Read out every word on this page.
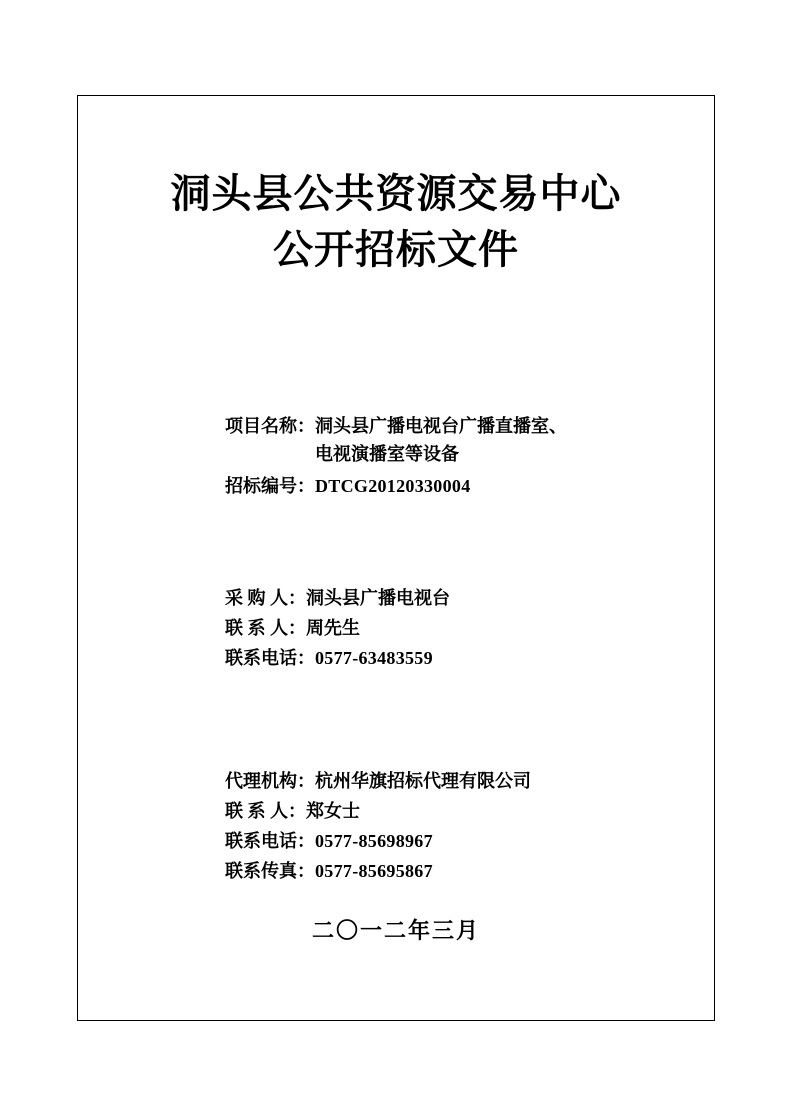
洞头县公共资源交易中心
公开招标文件
项目名称： 洞头县广播电视台广播直播室、
电视演播室等设备
招标编号： DTCG20120330004
采 购 人： 洞头县广播电视台
联 系 人： 周先生
联系电话： 0577-63483559
代理机构： 杭州华旗招标代理有限公司
联 系 人： 郑女士
联系电话： 0577-85698967
联系传真： 0577-85695867
二〇一二年三月
